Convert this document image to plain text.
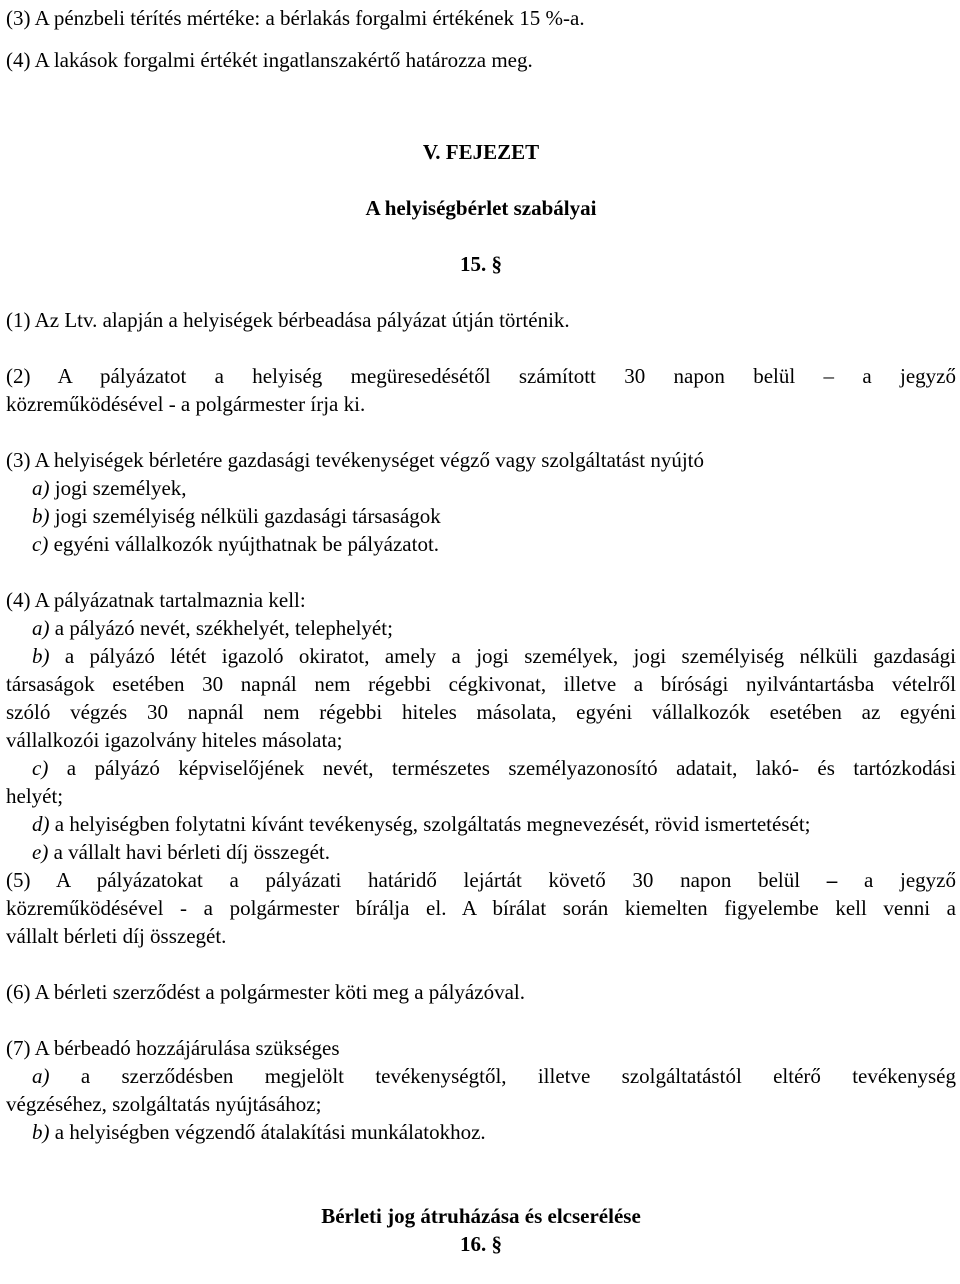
(3) A pénzbeli térítés mértéke: a bérlakás forgalmi értékének 15 %-a.
(4) A lakások forgalmi értékét ingatlanszakértő határozza meg.
V. FEJEZET
A helyiségbérlet szabályai
15. §
(1) Az Ltv. alapján a helyiségek bérbeadása pályázat útján történik.
(2) A pályázatot a helyiség megüresedésétől számított 30 napon belül – a jegyző
közreműködésével - a polgármester írja ki.
(3) A helyiségek bérletére gazdasági tevékenységet végző vagy szolgáltatást nyújtó
a) jogi személyek,
b) jogi személyiség nélküli gazdasági társaságok
c) egyéni vállalkozók nyújthatnak be pályázatot.
(4) A pályázatnak tartalmaznia kell:
a) a pályázó nevét, székhelyét, telephelyét;
b) a pályázó létét igazoló okiratot, amely a jogi személyek, jogi személyiség nélküli gazdasági
társaságok esetében 30 napnál nem régebbi cégkivonat, illetve a bírósági nyilvántartásba vételről
szóló végzés 30 napnál nem régebbi hiteles másolata, egyéni vállalkozók esetében az egyéni
vállalkozói igazolvány hiteles másolata;
c) a pályázó képviselőjének nevét, természetes személyazonosító adatait, lakó- és tartózkodási
helyét;
d) a helyiségben folytatni kívánt tevékenység, szolgáltatás megnevezését, rövid ismertetését;
e) a vállalt havi bérleti díj összegét.
(5) A pályázatokat a pályázati határidő lejártát követő 30 napon belül – a jegyző
közreműködésével - a polgármester bírálja el. A bírálat során kiemelten figyelembe kell venni a
vállalt bérleti díj összegét.
(6) A bérleti szerződést a polgármester köti meg a pályázóval.
(7) A bérbeadó hozzájárulása szükséges
a) a szerződésben megjelölt tevékenységtől, illetve szolgáltatástól eltérő tevékenység
végzéséhez, szolgáltatás nyújtásához;
b) a helyiségben végzendő átalakítási munkálatokhoz.
Bérleti jog átruházása és elcserélése
16. §
